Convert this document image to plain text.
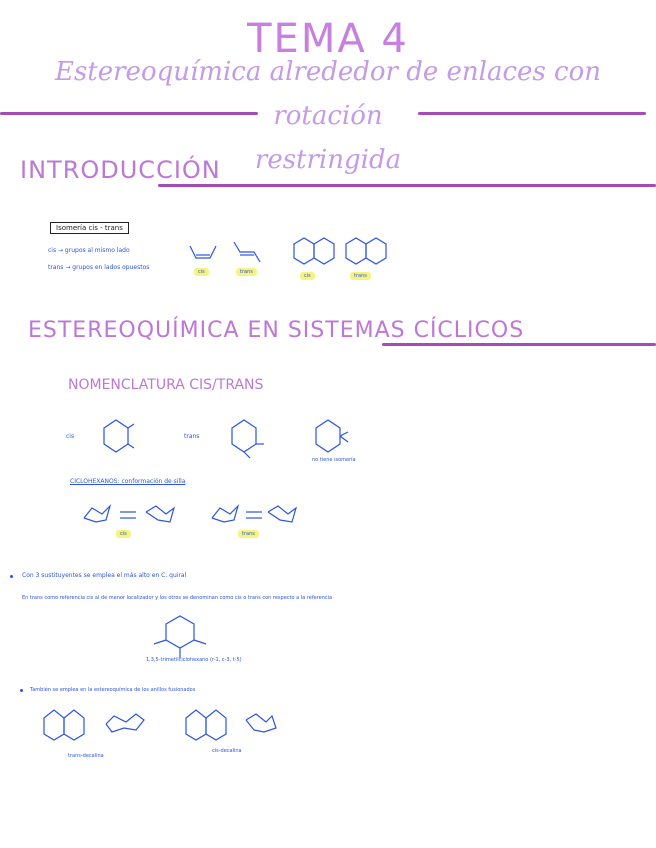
TEMA 4
Estereoquímica alrededor de enlaces con rotación
restringida
INTRODUCCIÓN
Isomería cis - trans
cis → grupos al mismo lado
trans → grupos en lados opuestos
cis	trans
cis	trans
ESTEREOQUÍMICA EN SISTEMAS CÍCLICOS
NOMENCLATURA CIS/TRANS
cis	trans
no tiene isomería
CICLOHEXANOS: conformación de silla
cis	trans
Con 3 sustituyentes se emplea el más alto en C. quiral
En trans como referencia cis al de menor localizador y los otros se denominan como cis o trans con respecto a la referencia
1,3,5-trimetilciclohexano (r-1, c-3, t-5)
También se emplea en la estereoquímica de los anillos fusionados
trans-decalina
cis-decalina
